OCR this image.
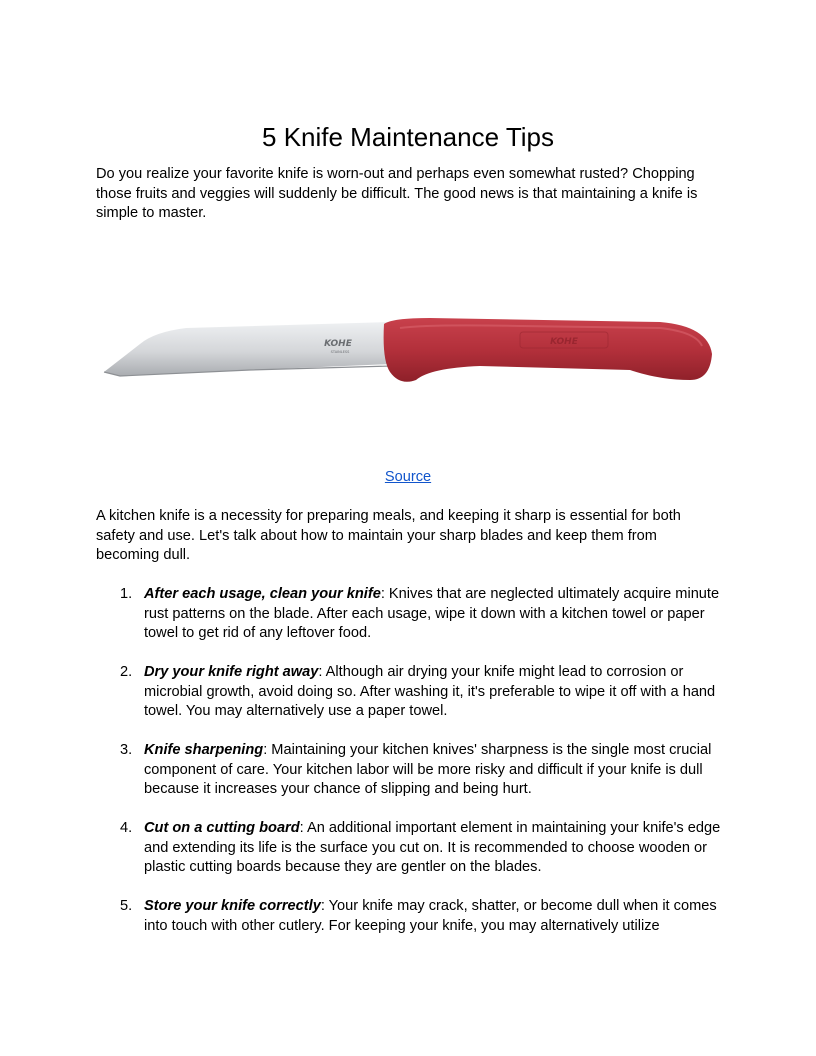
5 Knife Maintenance Tips

Do you realize your favorite knife is worn-out and perhaps even somewhat rusted? Chopping those fruits and veggies will suddenly be difficult. The good news is that maintaining a knife is simple to master.

KOHE
STAINLESS
KOHE
Source

A kitchen knife is a necessity for preparing meals, and keeping it sharp is essential for both safety and use. Let's talk about how to maintain your sharp blades and keep them from becoming dull.

1. After each usage, clean your knife: Knives that are neglected ultimately acquire minute rust patterns on the blade. After each usage, wipe it down with a kitchen towel or paper towel to get rid of any leftover food.
2. Dry your knife right away: Although air drying your knife might lead to corrosion or microbial growth, avoid doing so. After washing it, it's preferable to wipe it off with a hand towel. You may alternatively use a paper towel.
3. Knife sharpening: Maintaining your kitchen knives' sharpness is the single most crucial component of care. Your kitchen labor will be more risky and difficult if your knife is dull because it increases your chance of slipping and being hurt.
4. Cut on a cutting board: An additional important element in maintaining your knife's edge and extending its life is the surface you cut on. It is recommended to choose wooden or plastic cutting boards because they are gentler on the blades.
5. Store your knife correctly: Your knife may crack, shatter, or become dull when it comes into touch with other cutlery. For keeping your knife, you may alternatively utilize
